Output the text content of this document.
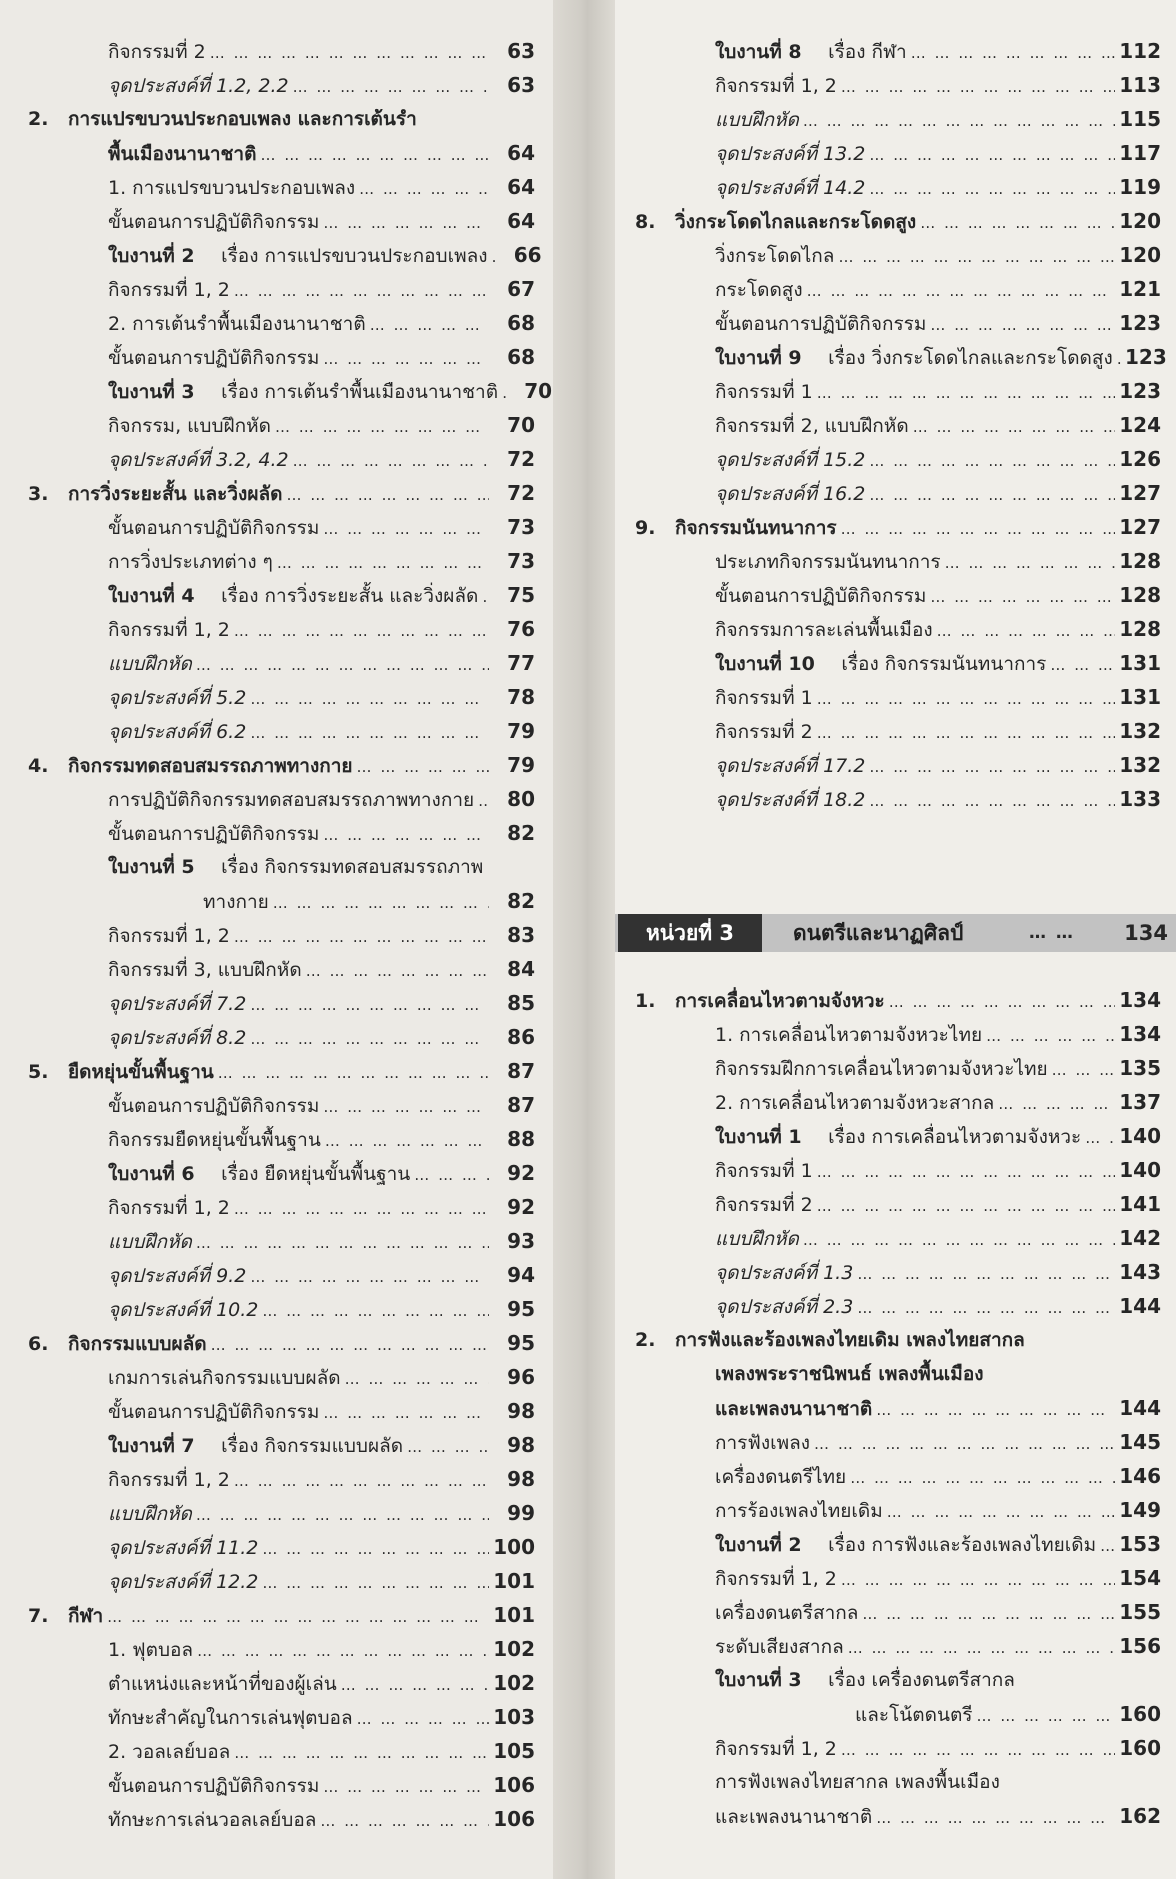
กิจกรรมที่ 2 … … … … … … … … … … … … … … … … … … … … … … … … … … … … … … … …	63
จุดประสงค์ที่ 1.2, 2.2 … … … … … … … … … … … … … … … … … … … … … … … … … … … … … … … …	63
2.	การแปรขบวนประกอบเพลง และการเต้นรำ
พื้นเมืองนานาชาติ … … … … … … … … … … … … … … … … … … … … … … … … … … … … … … … …	64
1. การแปรขบวนประกอบเพลง … … … … … … … … … … … … … … … … … … … … … … … … … … … … … … … …	64
ขั้นตอนการปฏิบัติกิจกรรม … … … … … … … … … … … … … … … … … … … … … … … … … … … … … … … …	64
ใบงานที่ 2 เรื่อง การแปรขบวนประกอบเพลง … … … … … … … … … … … … … … … … … … … … … … … … … … … … … … … …	66
กิจกรรมที่ 1, 2 … … … … … … … … … … … … … … … … … … … … … … … … … … … … … … … …	67
2. การเต้นรำพื้นเมืองนานาชาติ … … … … … … … … … … … … … … … … … … … … … … … … … … … … … … … …	68
ขั้นตอนการปฏิบัติกิจกรรม … … … … … … … … … … … … … … … … … … … … … … … … … … … … … … … …	68
ใบงานที่ 3 เรื่อง การเต้นรำพื้นเมืองนานาชาติ … … … … … … … … … … … … … … … … … … … … … … … … … … … … … … … …	70
กิจกรรม, แบบฝึกหัด … … … … … … … … … … … … … … … … … … … … … … … … … … … … … … … …	70
จุดประสงค์ที่ 3.2, 4.2 … … … … … … … … … … … … … … … … … … … … … … … … … … … … … … … …	72
3.	การวิ่งระยะสั้น และวิ่งผลัด … … … … … … … … … … … … … … … … … … … … … … … … … … … … … … … …	72
ขั้นตอนการปฏิบัติกิจกรรม … … … … … … … … … … … … … … … … … … … … … … … … … … … … … … … …	73
การวิ่งประเภทต่าง ๆ … … … … … … … … … … … … … … … … … … … … … … … … … … … … … … … …	73
ใบงานที่ 4 เรื่อง การวิ่งระยะสั้น และวิ่งผลัด … … … … … … … … … … … … … … … … … … … … … … … … … … … … … … … …	75
กิจกรรมที่ 1, 2 … … … … … … … … … … … … … … … … … … … … … … … … … … … … … … … …	76
แบบฝึกหัด … … … … … … … … … … … … … … … … … … … … … … … … … … … … … … … …	77
จุดประสงค์ที่ 5.2 … … … … … … … … … … … … … … … … … … … … … … … … … … … … … … … …	78
จุดประสงค์ที่ 6.2 … … … … … … … … … … … … … … … … … … … … … … … … … … … … … … … …	79
4.	กิจกรรมทดสอบสมรรถภาพทางกาย … … … … … … … … … … … … … … … … … … … … … … … … … … … … … … … …	79
การปฏิบัติกิจกรรมทดสอบสมรรถภาพทางกาย … … … … … … … … … … … … … … … … … … … … … … … … … … … … … … … …	80
ขั้นตอนการปฏิบัติกิจกรรม … … … … … … … … … … … … … … … … … … … … … … … … … … … … … … … …	82
ใบงานที่ 5 เรื่อง กิจกรรมทดสอบสมรรถภาพ
ทางกาย … … … … … … … … … … … … … … … … … … … … … … … … … … … … … … … …	82
กิจกรรมที่ 1, 2 … … … … … … … … … … … … … … … … … … … … … … … … … … … … … … … …	83
กิจกรรมที่ 3, แบบฝึกหัด … … … … … … … … … … … … … … … … … … … … … … … … … … … … … … … …	84
จุดประสงค์ที่ 7.2 … … … … … … … … … … … … … … … … … … … … … … … … … … … … … … … …	85
จุดประสงค์ที่ 8.2 … … … … … … … … … … … … … … … … … … … … … … … … … … … … … … … …	86
5.	ยืดหยุ่นขั้นพื้นฐาน … … … … … … … … … … … … … … … … … … … … … … … … … … … … … … … …	87
ขั้นตอนการปฏิบัติกิจกรรม … … … … … … … … … … … … … … … … … … … … … … … … … … … … … … … …	87
กิจกรรมยืดหยุ่นขั้นพื้นฐาน … … … … … … … … … … … … … … … … … … … … … … … … … … … … … … … …	88
ใบงานที่ 6 เรื่อง ยืดหยุ่นขั้นพื้นฐาน … … … … … … … … … … … … … … … … … … … … … … … … … … … … … … … …	92
กิจกรรมที่ 1, 2 … … … … … … … … … … … … … … … … … … … … … … … … … … … … … … … …	92
แบบฝึกหัด … … … … … … … … … … … … … … … … … … … … … … … … … … … … … … … …	93
จุดประสงค์ที่ 9.2 … … … … … … … … … … … … … … … … … … … … … … … … … … … … … … … …	94
จุดประสงค์ที่ 10.2 … … … … … … … … … … … … … … … … … … … … … … … … … … … … … … … …	95
6.	กิจกรรมแบบผลัด … … … … … … … … … … … … … … … … … … … … … … … … … … … … … … … …	95
เกมการเล่นกิจกรรมแบบผลัด … … … … … … … … … … … … … … … … … … … … … … … … … … … … … … … …	96
ขั้นตอนการปฏิบัติกิจกรรม … … … … … … … … … … … … … … … … … … … … … … … … … … … … … … … …	98
ใบงานที่ 7 เรื่อง กิจกรรมแบบผลัด … … … … … … … … … … … … … … … … … … … … … … … … … … … … … … … …	98
กิจกรรมที่ 1, 2 … … … … … … … … … … … … … … … … … … … … … … … … … … … … … … … …	98
แบบฝึกหัด … … … … … … … … … … … … … … … … … … … … … … … … … … … … … … … …	99
จุดประสงค์ที่ 11.2 … … … … … … … … … … … … … … … … … … … … … … … … … … … … … … … …	100
จุดประสงค์ที่ 12.2 … … … … … … … … … … … … … … … … … … … … … … … … … … … … … … … …	101
7.	กีฬา … … … … … … … … … … … … … … … … … … … … … … … … … … … … … … … …	101
1. ฟุตบอล … … … … … … … … … … … … … … … … … … … … … … … … … … … … … … … …	102
ตำแหน่งและหน้าที่ของผู้เล่น … … … … … … … … … … … … … … … … … … … … … … … … … … … … … … … …	102
ทักษะสำคัญในการเล่นฟุตบอล … … … … … … … … … … … … … … … … … … … … … … … … … … … … … … … …	103
2. วอลเลย์บอล … … … … … … … … … … … … … … … … … … … … … … … … … … … … … … … …	105
ขั้นตอนการปฏิบัติกิจกรรม … … … … … … … … … … … … … … … … … … … … … … … … … … … … … … … …	106
ทักษะการเล่นวอลเลย์บอล … … … … … … … … … … … … … … … … … … … … … … … … … … … … … … … …	106
ใบงานที่ 8 เรื่อง กีฬา … … … … … … … … … … … … … … … … … … … … … … … … … … … … … … … …	112
กิจกรรมที่ 1, 2 … … … … … … … … … … … … … … … … … … … … … … … … … … … … … … … …	113
แบบฝึกหัด … … … … … … … … … … … … … … … … … … … … … … … … … … … … … … … …	115
จุดประสงค์ที่ 13.2 … … … … … … … … … … … … … … … … … … … … … … … … … … … … … … … …	117
จุดประสงค์ที่ 14.2 … … … … … … … … … … … … … … … … … … … … … … … … … … … … … … … …	119
8.	วิ่งกระโดดไกลและกระโดดสูง … … … … … … … … … … … … … … … … … … … … … … … … … … … … … … … …	120
วิ่งกระโดดไกล … … … … … … … … … … … … … … … … … … … … … … … … … … … … … … … …	120
กระโดดสูง … … … … … … … … … … … … … … … … … … … … … … … … … … … … … … … …	121
ขั้นตอนการปฏิบัติกิจกรรม … … … … … … … … … … … … … … … … … … … … … … … … … … … … … … … …	123
ใบงานที่ 9 เรื่อง วิ่งกระโดดไกลและกระโดดสูง … … … … … … … … … … … … … … … … … … … … … … … … … … … … … … … … 123
กิจกรรมที่ 1 … … … … … … … … … … … … … … … … … … … … … … … … … … … … … … … …	123
กิจกรรมที่ 2, แบบฝึกหัด … … … … … … … … … … … … … … … … … … … … … … … … … … … … … … … …	124
จุดประสงค์ที่ 15.2 … … … … … … … … … … … … … … … … … … … … … … … … … … … … … … … …	126
จุดประสงค์ที่ 16.2 … … … … … … … … … … … … … … … … … … … … … … … … … … … … … … … …	127
9.	กิจกรรมนันทนาการ … … … … … … … … … … … … … … … … … … … … … … … … … … … … … … … …	127
ประเภทกิจกรรมนันทนาการ … … … … … … … … … … … … … … … … … … … … … … … … … … … … … … … …	128
ขั้นตอนการปฏิบัติกิจกรรม … … … … … … … … … … … … … … … … … … … … … … … … … … … … … … … …	128
กิจกรรมการละเล่นพื้นเมือง … … … … … … … … … … … … … … … … … … … … … … … … … … … … … … … …	128
ใบงานที่ 10 เรื่อง กิจกรรมนันทนาการ … … … … … … … … … … … … … … … … … … … … … … … … … … … … … … … …	131
กิจกรรมที่ 1 … … … … … … … … … … … … … … … … … … … … … … … … … … … … … … … …	131
กิจกรรมที่ 2 … … … … … … … … … … … … … … … … … … … … … … … … … … … … … … … …	132
จุดประสงค์ที่ 17.2 … … … … … … … … … … … … … … … … … … … … … … … … … … … … … … … …	132
จุดประสงค์ที่ 18.2 … … … … … … … … … … … … … … … … … … … … … … … … … … … … … … … …	133
หน่วยที่ 3	ดนตรีและนาฏศิลป์	… … 134
1.	การเคลื่อนไหวตามจังหวะ … … … … … … … … … … … … … … … … … … … … … … … … … … … … … … … …	134
1. การเคลื่อนไหวตามจังหวะไทย … … … … … … … … … … … … … … … … … … … … … … … … … … … … … … … …	134
กิจกรรมฝึกการเคลื่อนไหวตามจังหวะไทย … … … … … … … … … … … … … … … … … … … … … … … … … … … … … … … …	135
2. การเคลื่อนไหวตามจังหวะสากล … … … … … … … … … … … … … … … … … … … … … … … … … … … … … … … …	137
ใบงานที่ 1 เรื่อง การเคลื่อนไหวตามจังหวะ … … … … … … … … … … … … … … … … … … … … … … … … … … … … … … … … 140
กิจกรรมที่ 1 … … … … … … … … … … … … … … … … … … … … … … … … … … … … … … … …	140
กิจกรรมที่ 2 … … … … … … … … … … … … … … … … … … … … … … … … … … … … … … … …	141
แบบฝึกหัด … … … … … … … … … … … … … … … … … … … … … … … … … … … … … … … …	142
จุดประสงค์ที่ 1.3 … … … … … … … … … … … … … … … … … … … … … … … … … … … … … … … …	143
จุดประสงค์ที่ 2.3 … … … … … … … … … … … … … … … … … … … … … … … … … … … … … … … …	144
2.	การฟังและร้องเพลงไทยเดิม เพลงไทยสากล
เพลงพระราชนิพนธ์ เพลงพื้นเมือง
และเพลงนานาชาติ … … … … … … … … … … … … … … … … … … … … … … … … … … … … … … … …	144
การฟังเพลง … … … … … … … … … … … … … … … … … … … … … … … … … … … … … … … …	145
เครื่องดนตรีไทย … … … … … … … … … … … … … … … … … … … … … … … … … … … … … … … …	146
การร้องเพลงไทยเดิม … … … … … … … … … … … … … … … … … … … … … … … … … … … … … … … …	149
ใบงานที่ 2 เรื่อง การฟังและร้องเพลงไทยเดิม … … … … … … … … … … … … … … … … … … … … … … … … … … … … … … … … 153
กิจกรรมที่ 1, 2 … … … … … … … … … … … … … … … … … … … … … … … … … … … … … … … …	154
เครื่องดนตรีสากล … … … … … … … … … … … … … … … … … … … … … … … … … … … … … … … …	155
ระดับเสียงสากล … … … … … … … … … … … … … … … … … … … … … … … … … … … … … … … …	156
ใบงานที่ 3 เรื่อง เครื่องดนตรีสากล
และโน้ตดนตรี … … … … … … … … … … … … … … … … … … … … … … … … … … … … … … … …	160
กิจกรรมที่ 1, 2 … … … … … … … … … … … … … … … … … … … … … … … … … … … … … … … …	160
การฟังเพลงไทยสากล เพลงพื้นเมือง
และเพลงนานาชาติ … … … … … … … … … … … … … … … … … … … … … … … … … … … … … … … …	162
